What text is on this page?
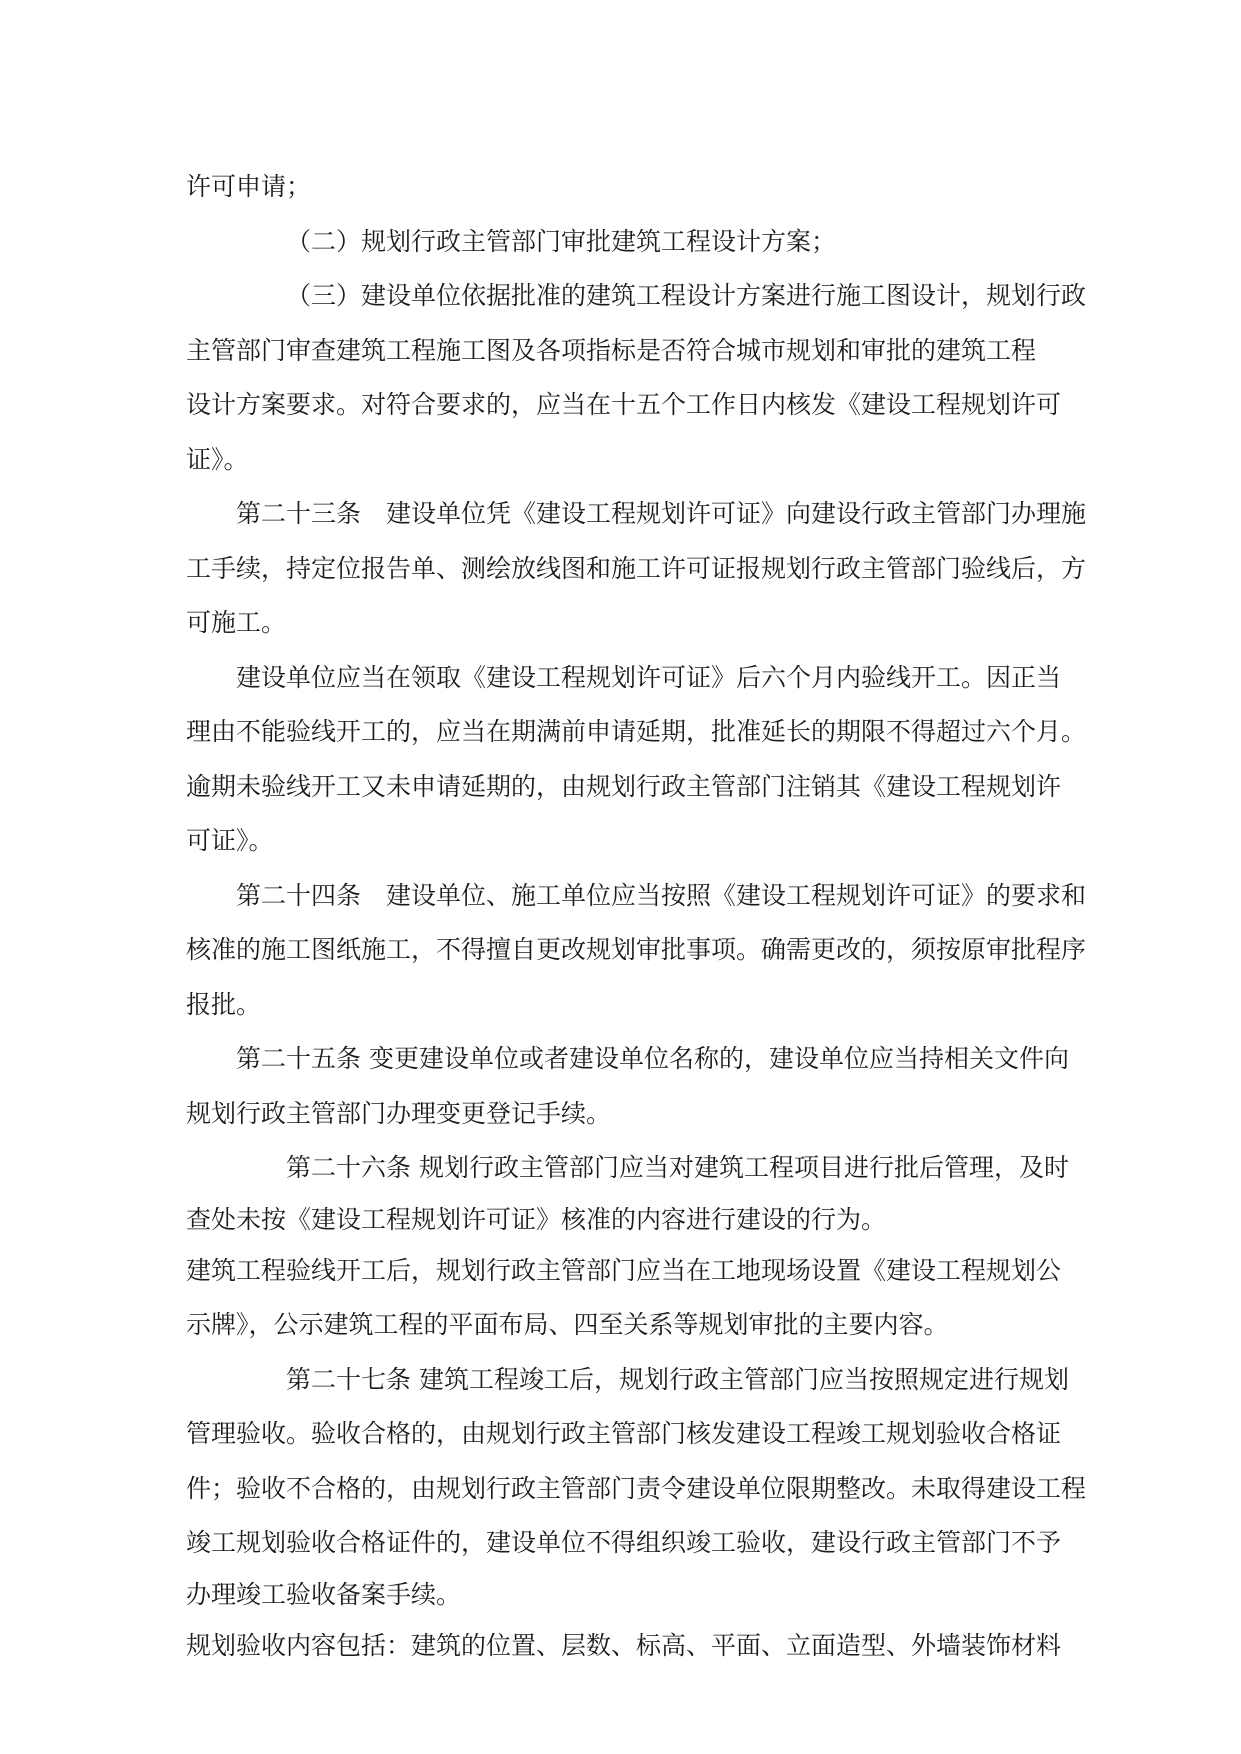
许可申请；
（二）规划行政主管部门审批建筑工程设计方案；
（三）建设单位依据批准的建筑工程设计方案进行施工图设计，规划行政
主管部门审查建筑工程施工图及各项指标是否符合城市规划和审批的建筑工程
设计方案要求。对符合要求的，应当在十五个工作日内核发《建设工程规划许可
证》。
第二十三条　建设单位凭《建设工程规划许可证》向建设行政主管部门办理施
工手续，持定位报告单、测绘放线图和施工许可证报规划行政主管部门验线后，方
可施工。
建设单位应当在领取《建设工程规划许可证》后六个月内验线开工。因正当
理由不能验线开工的，应当在期满前申请延期，批准延长的期限不得超过六个月。
逾期未验线开工又未申请延期的，由规划行政主管部门注销其《建设工程规划许
可证》。
第二十四条　建设单位、施工单位应当按照《建设工程规划许可证》的要求和
核准的施工图纸施工，不得擅自更改规划审批事项。确需更改的，须按原审批程序
报批。
第二十五条 变更建设单位或者建设单位名称的，建设单位应当持相关文件向
规划行政主管部门办理变更登记手续。
第二十六条 规划行政主管部门应当对建筑工程项目进行批后管理，及时
查处未按《建设工程规划许可证》核准的内容进行建设的行为。
建筑工程验线开工后，规划行政主管部门应当在工地现场设置《建设工程规划公
示牌》，公示建筑工程的平面布局、四至关系等规划审批的主要内容。
第二十七条 建筑工程竣工后，规划行政主管部门应当按照规定进行规划
管理验收。验收合格的，由规划行政主管部门核发建设工程竣工规划验收合格证
件；验收不合格的，由规划行政主管部门责令建设单位限期整改。未取得建设工程
竣工规划验收合格证件的，建设单位不得组织竣工验收，建设行政主管部门不予
办理竣工验收备案手续。
规划验收内容包括：建筑的位置、层数、标高、平面、立面造型、外墙装饰材料
